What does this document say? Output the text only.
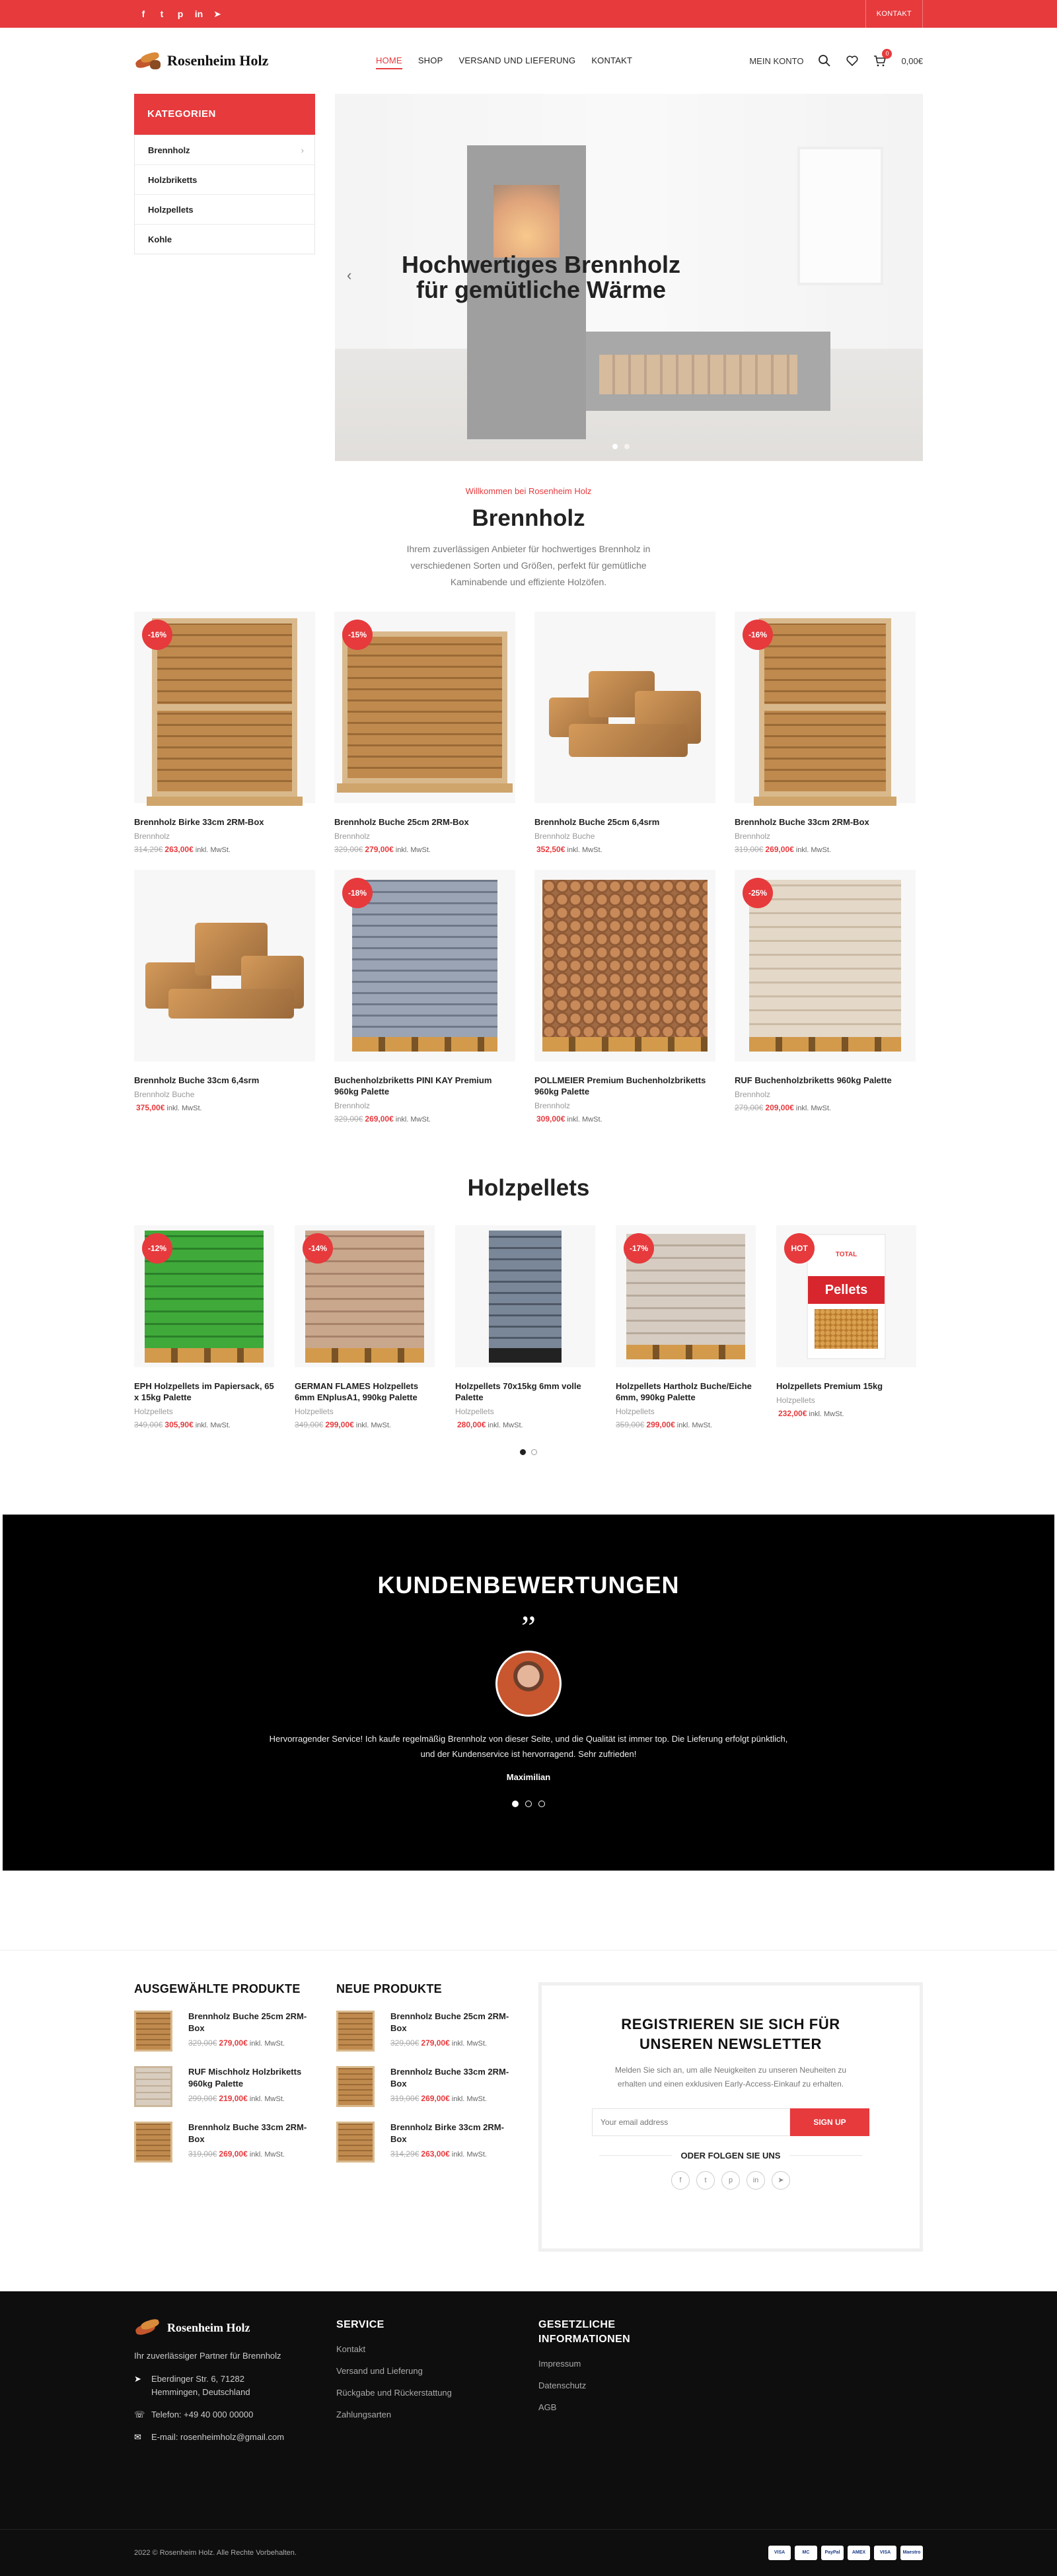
f	t	p in ➤	KONTAKT
Rosenheim Holz	HOME SHOP VERSAND UND LIEFERUNG KONTAKT	MEIN KONTO
0
0,00€
KATEGORIEN
Brennholz	›
Holzbriketts
Holzpellets
Kohle
‹	Hochwertiges Brennholz
für gemütliche Wärme
Willkommen bei Rosenheim Holz
Brennholz
Ihrem zuverlässigen Anbieter für hochwertiges Brennholz in verschiedenen Sorten und Größen, perfekt für gemütliche Kaminabende und effiziente Holzöfen.
-16%
Brennholz Birke 33cm 2RM-Box
Brennholz
314,29€ 263,00€ inkl. MwSt.
-15%
Brennholz Buche 25cm 2RM-Box
Brennholz
329,00€ 279,00€ inkl. MwSt.
Brennholz Buche 25cm 6,4srm
Brennholz Buche
352,50€ inkl. MwSt.
-16%
Brennholz Buche 33cm 2RM-Box
Brennholz
319,00€ 269,00€ inkl. MwSt.
Brennholz Buche 33cm 6,4srm
Brennholz Buche
375,00€ inkl. MwSt.
-18%
Buchenholzbriketts PINI KAY Premium 960kg Palette
Brennholz
329,00€ 269,00€ inkl. MwSt.
POLLMEIER Premium Buchenholzbriketts 960kg Palette
Brennholz
309,00€ inkl. MwSt.
-25%
RUF Buchenholzbriketts 960kg Palette
Brennholz
279,00€ 209,00€ inkl. MwSt.
Holzpellets
-12%
EPH Holzpellets im Papiersack, 65 x 15kg Palette
Holzpellets
349,00€ 305,90€ inkl. MwSt.
-14%
GERMAN FLAMES Holzpellets 6mm ENplusA1, 990kg Palette
Holzpellets
349,00€ 299,00€ inkl. MwSt.
Holzpellets 70x15kg 6mm volle Palette
Holzpellets
280,00€ inkl. MwSt.
-17%
Holzpellets Hartholz Buche/Eiche 6mm, 990kg Palette
Holzpellets
359,00€ 299,00€ inkl. MwSt.
TOTAL
Pellets
HOT
Holzpellets Premium 15kg
Holzpellets
232,00€ inkl. MwSt.
KUNDENBEWERTUNGEN
”
Hervorragender Service! Ich kaufe regelmäßig Brennholz von dieser Seite, und die Qualität ist immer top. Die Lieferung erfolgt pünktlich, und der Kundenservice ist hervorragend. Sehr zufrieden!
Maximilian
AUSGEWÄHLTE PRODUKTE
Brennholz Buche 25cm 2RM-Box
329,00€ 279,00€ inkl. MwSt.
RUF Mischholz Holzbriketts 960kg Palette
299,00€ 219,00€ inkl. MwSt.
Brennholz Buche 33cm 2RM-Box
319,00€ 269,00€ inkl. MwSt.
NEUE PRODUKTE
Brennholz Buche 25cm 2RM-Box
329,00€ 279,00€ inkl. MwSt.
Brennholz Buche 33cm 2RM-Box
319,00€ 269,00€ inkl. MwSt.
Brennholz Birke 33cm 2RM-Box
314,29€ 263,00€ inkl. MwSt.
REGISTRIEREN SIE SICH FÜR
UNSEREN NEWSLETTER

Melden Sie sich an, um alle Neuigkeiten zu unseren Neuheiten zu erhalten und einen exklusiven Early-Access-Einkauf zu erhalten.

Your email address
SIGN UP
ODER FOLGEN SIE UNS
f	t	p	in	➤
Rosenheim Holz
Ihr zuverlässiger Partner für Brennholz
➤ Eberdinger Str. 6, 71282 Hemmingen, Deutschland
☏ Telefon: +49 40 000 00000
✉ E-mail: rosenheimholz@gmail.com
SERVICE
Kontakt
Versand und Lieferung
Rückgabe und Rückerstattung
Zahlungsarten
GESETZLICHE
INFORMATIONEN
Impressum
Datenschutz
AGB
2022 © Rosenheim Holz. Alle Rechte Vorbehalten.	VISA	MC	PayPal	AMEX	VISA	Maestro
